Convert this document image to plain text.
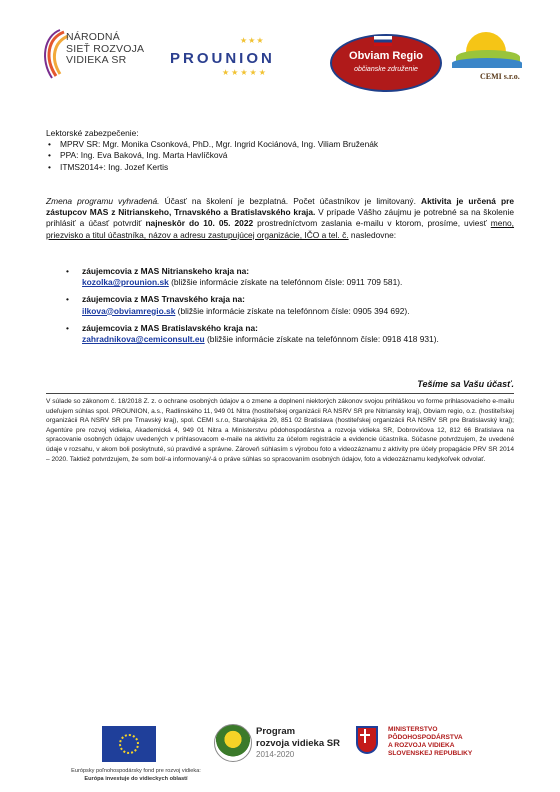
NÁRODNÁ
SIEŤ ROZVOJA
VIDIEKA SR
★★★
PROUNION
★★★★★
Obviam Regio
občianske združenie
CEMI s.r.o.
Lektorské zabezpečenie:
• MPRV SR: Mgr. Monika Csonková, PhD., Mgr. Ingrid Kociánová, Ing. Viliam Bruženák
• PPA: Ing. Eva Baková, Ing. Marta Havlíčková
• ITMS2014+: Ing. Jozef Kertis
Zmena programu vyhradená. Účasť na školení je bezplatná. Počet účastníkov je limitovaný. Aktivita je určená pre zástupcov MAS z Nitrianskeho, Trnavského a Bratislavského kraja. V prípade Vášho záujmu je potrebné sa na školenie prihlásiť a účasť potvrdiť najneskôr do 10. 05. 2022 prostredníctvom zaslania e-mailu v ktorom, prosíme, uviesť meno, priezvisko a titul účastníka, názov a adresu zastupujúcej organizácie, IČO a tel. č. nasledovne:
• záujemcovia z MAS Nitrianskeho kraja na:
kozolka@prounion.sk (bližšie informácie získate na telefónnom čísle: 0911 709 581).
• záujemcovia z MAS Trnavského kraja na:
ilkova@obviamregio.sk (bližšie informácie získate na telefónnom čísle: 0905 394 692).
• záujemcovia z MAS Bratislavského kraja na:
zahradnikova@cemiconsult.eu (bližšie informácie získate na telefónnom čísle: 0918 418 931).
Tešíme sa Vašu účasť.
V súlade so zákonom č. 18/2018 Z. z. o ochrane osobných údajov a o zmene a doplnení niektorých zákonov svojou prihláškou vo forme prihlasovacieho e-mailu udeľujem súhlas spol. PROUNION, a.s., Radlinského 11, 949 01 Nitra (hostiteľskej organizácii RA NSRV SR pre Nitriansky kraj), Obviam regio, o.z. (hostiteľskej organizácii RA NSRV SR pre Trnavský kraj), spol. CEMI s.r.o, Starohájska 29, 851 02 Bratislava (hostiteľskej organizácii RA NSRV SR pre Bratislavský kraj); Agentúre pre rozvoj vidieka, Akademická 4, 949 01 Nitra a Ministerstvu pôdohospodárstva a rozvoja vidieka SR, Dobrovičova 12, 812 66 Bratislava na spracovanie osobných údajov uvedených v prihlasovacom e-maile na aktivitu za účelom registrácie a evidencie účastníka. Súčasne potvrdzujem, že uvedené údaje v rozsahu, v akom boli poskytnuté, sú pravdivé a správne. Zároveň súhlasím s výrobou foto a videozáznamu z aktivity pre účely propagácie PRV SR 2014 – 2020. Taktiež potvrdzujem, že som bol/-a informovaný/-á o práve súhlas so spracovaním osobných údajov, foto a videozáznamu kedykoľvek odvolať.
Európsky poľnohospodársky fond pre rozvoj vidieka:
Európa investuje do vidieckych oblastí
Program
rozvoja vidieka SR
2014-2020
MINISTERSTVO
PÔDOHOSPODÁRSTVA
A ROZVOJA VIDIEKA
SLOVENSKEJ REPUBLIKY
